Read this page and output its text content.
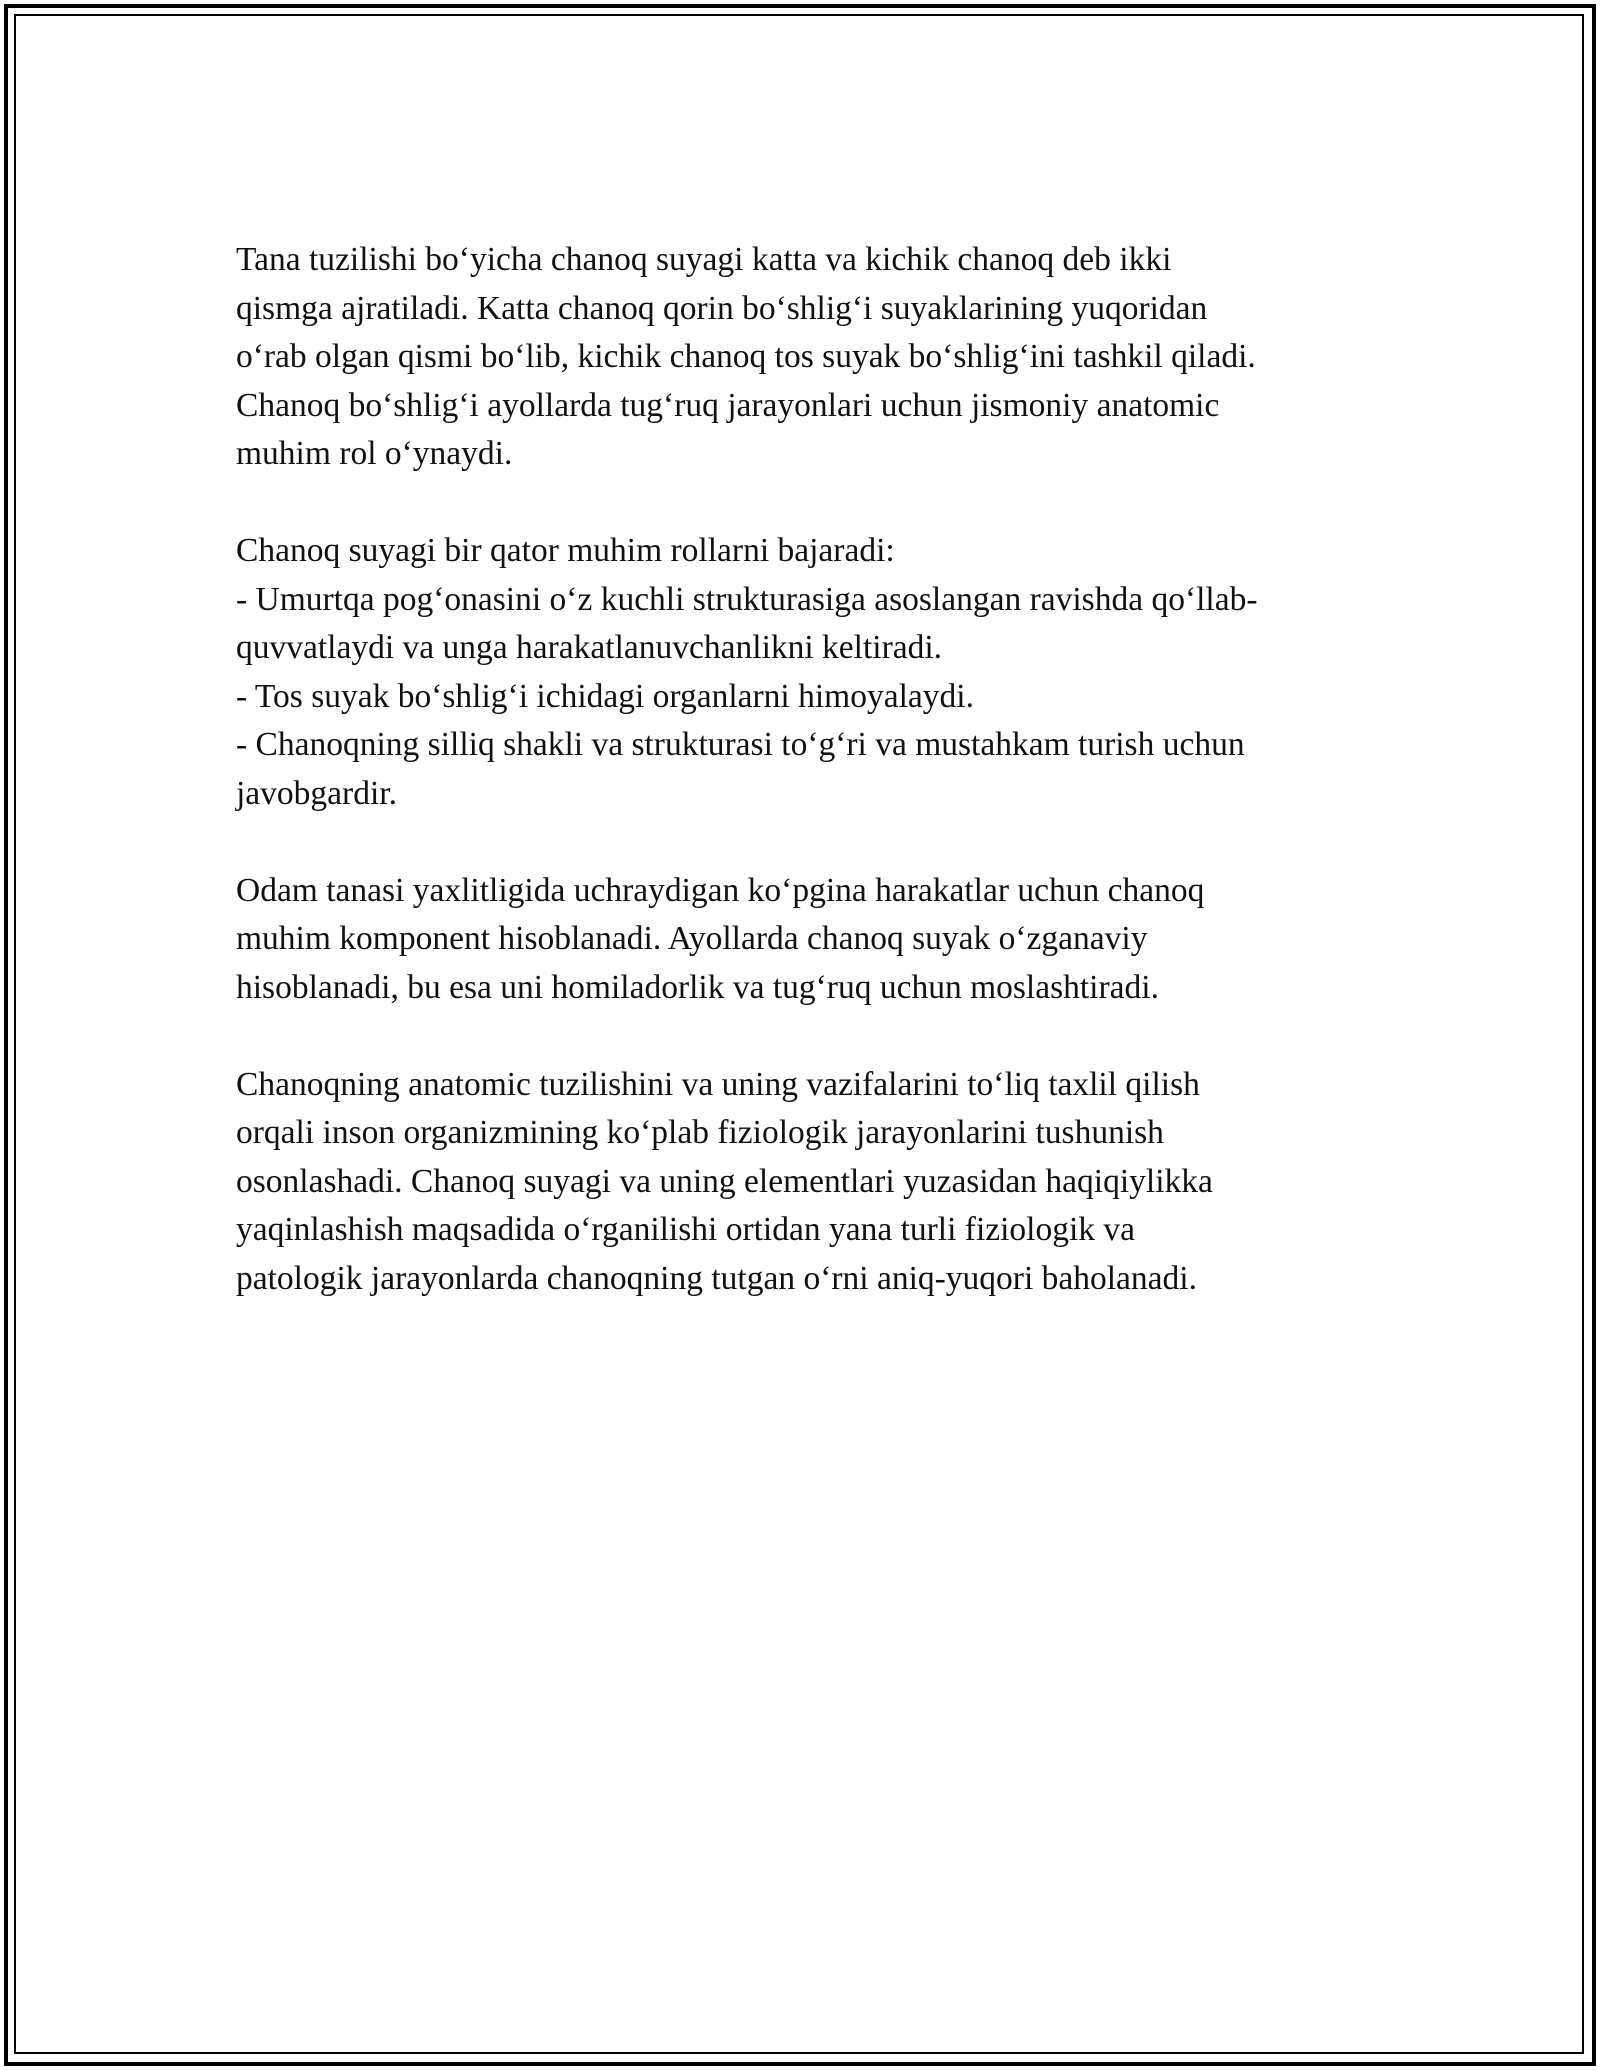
Tana tuzilishi bo‘yicha chanoq suyagi katta va kichik chanoq deb ikki
qismga ajratiladi. Katta chanoq qorin bo‘shlig‘i suyaklarining yuqoridan
o‘rab olgan qismi bo‘lib, kichik chanoq tos suyak bo‘shlig‘ini tashkil qiladi.
Chanoq bo‘shlig‘i ayollarda tug‘ruq jarayonlari uchun jismoniy anatomic
muhim rol o‘ynaydi.
Chanoq suyagi bir qator muhim rollarni bajaradi:
- Umurtqa pog‘onasini o‘z kuchli strukturasiga asoslangan ravishda qo‘llab-
quvvatlaydi va unga harakatlanuvchanlikni keltiradi.
- Tos suyak bo‘shlig‘i ichidagi organlarni himoyalaydi.
- Chanoqning silliq shakli va strukturasi to‘g‘ri va mustahkam turish uchun
javobgardir.
Odam tanasi yaxlitligida uchraydigan ko‘pgina harakatlar uchun chanoq
muhim komponent hisoblanadi. Ayollarda chanoq suyak o‘zganaviy
hisoblanadi, bu esa uni homiladorlik va tug‘ruq uchun moslashtiradi.
Chanoqning anatomic tuzilishini va uning vazifalarini to‘liq taxlil qilish
orqali inson organizmining ko‘plab fiziologik jarayonlarini tushunish
osonlashadi. Chanoq suyagi va uning elementlari yuzasidan haqiqiylikka
yaqinlashish maqsadida o‘rganilishi ortidan yana turli fiziologik va
patologik jarayonlarda chanoqning tutgan o‘rni aniq-yuqori baholanadi.
